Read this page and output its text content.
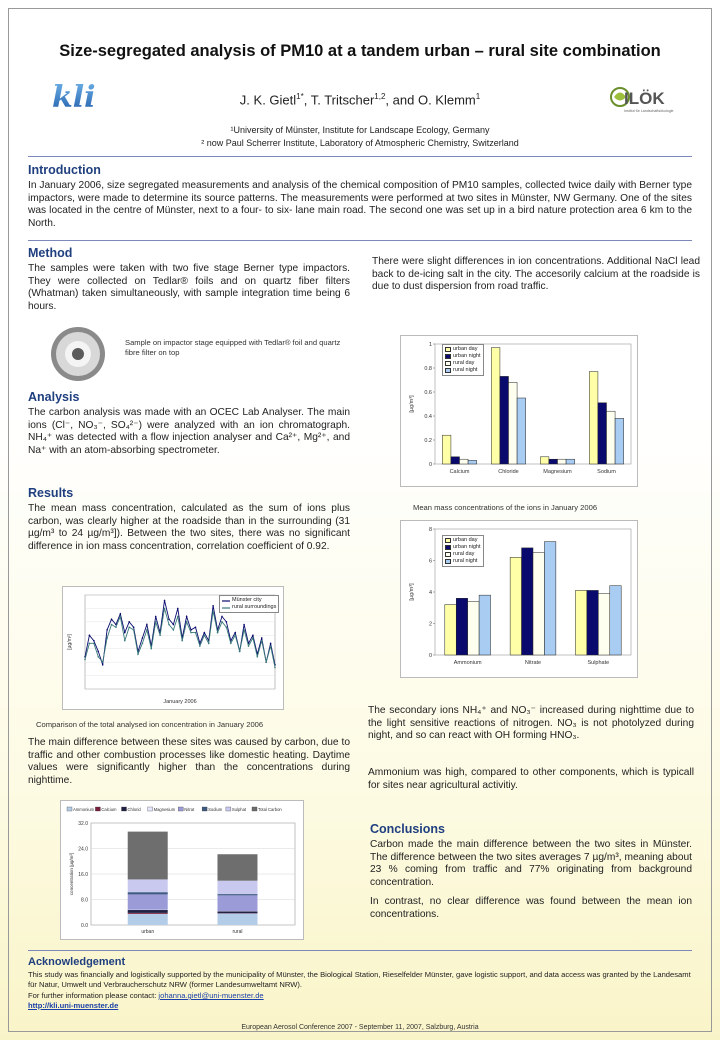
kli	ILÖK
Institut für Landschaftsökologie
Size-segregated analysis of PM10 at a tandem urban – rural site combination
J. K. Gietl$^{1*}$, T. Tritscher$^{1,2}$, and O. Klemm$^1$
¹University of Münster, Institute for Landscape Ecology, Germany
² now Paul Scherrer Institute, Laboratory of Atmospheric Chemistry, Switzerland
Introduction
In January 2006, size segregated measurements and analysis of the chemical composition of PM10 samples, collected twice daily with Berner type impactors, were made to determine its source patterns. The measurements were performed at two sites in Münster, NW Germany. One of the sites was located in the centre of Münster, next to a four- to six- lane main road. The second one was set up in a bird nature protection area 6 km to the North.
Method
The samples were taken with two five stage Berner type impactors. They were collected on Tedlar® foils and on quartz fiber filters (Whatman) taken simultaneously, with sample integration time being 6 hours.
Sample on impactor stage equipped with Tedlar® foil and quartz fibre filter on top
Analysis
The carbon analysis was made with an OCEC Lab Analyser. The main ions (Cl⁻, NO₃⁻, SO₄²⁻) were analyzed with an ion chromatograph. NH₄⁺ was detected with a flow injection analyser and Ca²⁺, Mg²⁺, and Na⁺ with an atom-absorbing spectrometer.
Results
The mean mass concentration, calculated as the sum of ions plus carbon, was clearly higher at the roadside than in the surrounding (31 µg/m³ to 24 µg/m³]). Between the two sites, there was no significant difference in ion mass concentration, correlation coefficient of 0.92.
[µg/m³]
January 2006
Münster city
rural surroundings
Comparison of the total analysed ion concentration in January 2006
The main difference between these sites was caused by carbon, due to traffic and other combustion processes like domestic heating. Daytime values were significantly higher than the concentrations during nighttime.
0.0
8.0
16.0
24.0
32.0
concentration [µg/m³]
Ammonium Calcium	Chlorid	Magnesium Nitrat	Sodium Sulphat	Total Carbon
urban	rural
There were slight differences in ion concentrations. Additional NaCl lead back to de-icing salt in the city. The accesorily calcium at the roadside is due to dust dispersion from road traffic.
0
0.2
0.4
0.6
0.8
1
[µg/m³]
Calcium	Chloride	Magnesium	Sodium
urban day
urban night
rural day
rural night
Mean mass concentrations of the ions in January 2006
0
2
4
6
8
[µg/m³]
Ammonium	Nitrate	Sulphate
urban day
urban night
rural day
rural night
The secondary ions NH₄⁺ and NO₃⁻ increased during nighttime due to the light sensitive reactions of nitrogen. NO₃ is not photolyzed during night, and so can react with OH forming HNO₃.
Ammonium was high, compared to other components, which is typicall for sites near agricultural activitiy.
Conclusions
Carbon made the main difference between the two sites in Münster. The difference between the two sites averages 7 µg/m³, meaning about 23 % coming from traffic and 77% originating from background concentration.
In contrast, no clear difference was found between the mean ion concentrations.
Acknowledgement
This study was financially and logistically supported by the municipality of Münster, the Biological Station, Rieselfelder Münster, gave logistic support, and data access was granted by the Landesamt für Natur, Umwelt und Verbraucherschutz NRW (former Landesumweltamt NRW).
For further information please contact: johanna.gietl@uni-muenster.de
http://kli.uni-muenster.de
European Aerosol Conference 2007 - September 11, 2007, Salzburg, Austria
